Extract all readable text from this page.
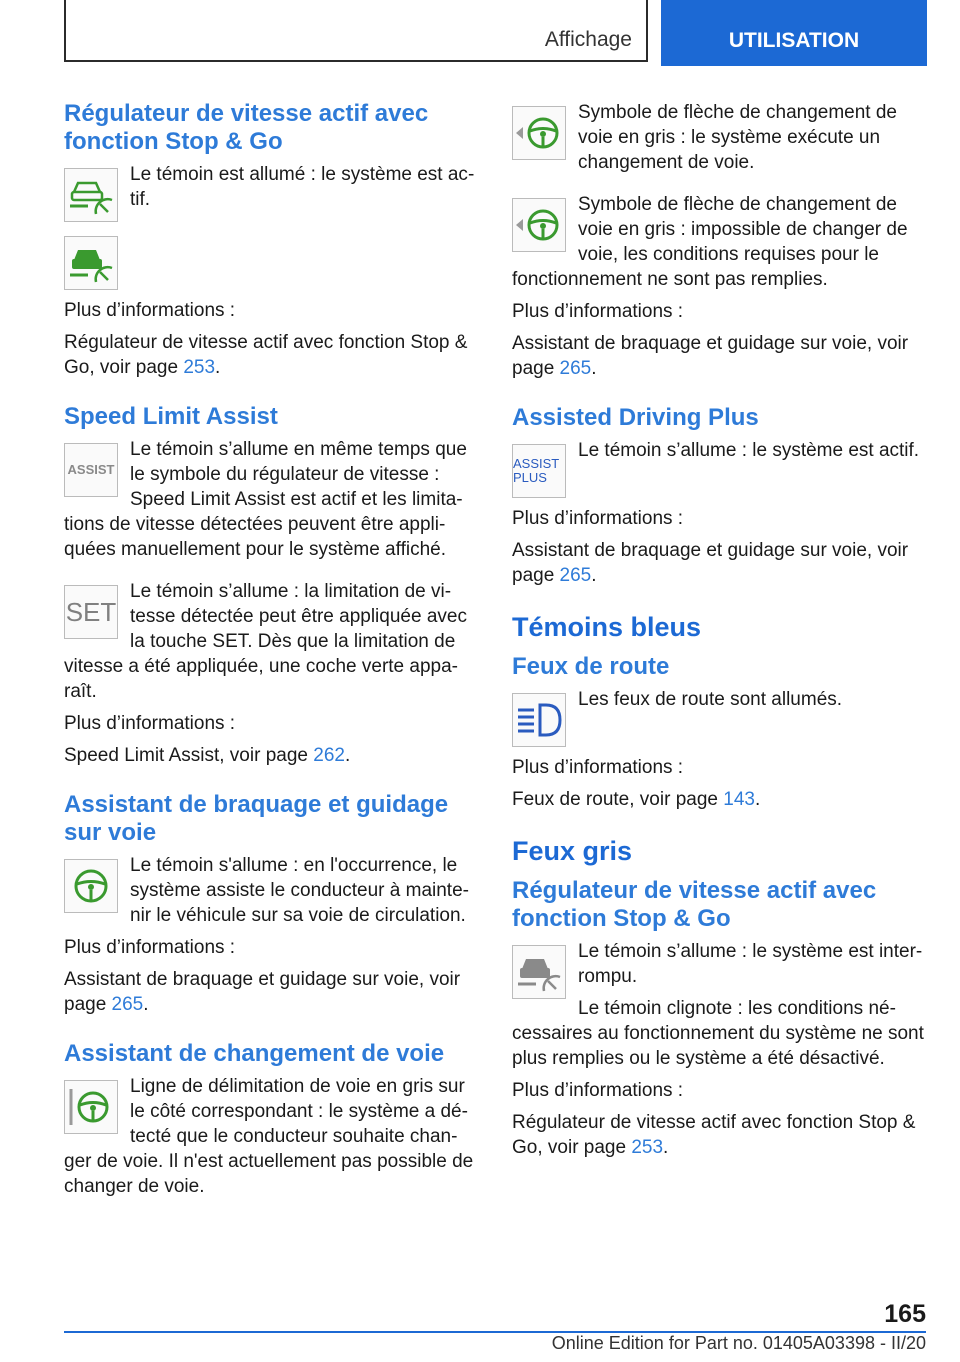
Affichage	UTILISATION
Régulateur de vitesse actif avec fonction Stop & Go

Le témoin est allumé : le système est actif.

Plus d’informations :

Régulateur de vitesse actif avec fonction Stop & Go, voir page 253.

Speed Limit Assist
ASSIST

Le témoin s’allume en même temps que le symbole du régulateur de vitesse : Speed Limit Assist est actif et les limitations de vitesse détectées peuvent être appliquées manuellement pour le système affiché.

SET

Le témoin s’allume : la limitation de vitesse détectée peut être appliquée avec la touche SET. Dès que la limitation de vitesse a été appliquée, une coche verte apparaît.

Plus d’informations :

Speed Limit Assist, voir page 262.

Assistant de braquage et guidage sur voie

Le témoin s'allume : en l'occurrence, le système assiste le conducteur à maintenir le véhicule sur sa voie de circulation.

Plus d’informations :

Assistant de braquage et guidage sur voie, voir page 265.

Assistant de changement de voie

Ligne de délimitation de voie en gris sur le côté correspondant : le système a détecté que le conducteur souhaite changer de voie. Il n'est actuellement pas possible de changer de voie.

Symbole de flèche de changement de voie en gris : le système exécute un changement de voie.

Symbole de flèche de changement de voie en gris : impossible de changer de voie, les conditions requises pour le fonctionnement ne sont pas remplies.

Plus d’informations :

Assistant de braquage et guidage sur voie, voir page 265.

Assisted Driving Plus
ASSIST PLUS

Le témoin s’allume : le système est actif.

Plus d’informations :

Assistant de braquage et guidage sur voie, voir page 265.

Témoins bleus
Feux de route

Les feux de route sont allumés.

Plus d’informations :

Feux de route, voir page 143.

Feux gris
Régulateur de vitesse actif avec fonction Stop & Go

Le témoin s’allume : le système est interrompu.

Le témoin clignote : les conditions nécessaires au fonctionnement du système ne sont plus remplies ou le système a été désactivé.

Plus d’informations :

Régulateur de vitesse actif avec fonction Stop & Go, voir page 253.

165
Online Edition for Part no. 01405A03398 - II/20
